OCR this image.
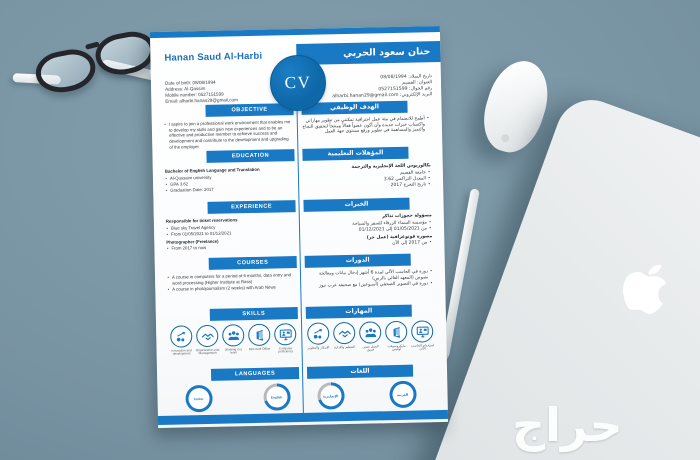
Hanan Saud Al-Harbi	حنان سعود الحربي
CV
Date of birth: 08/08/1994
Address: Al-Qassim
Mobile number: 0527151599
Email: alharbi.hanan29@gmail.com
تاريخ الميلاد: 08/08/1994
العنوان: القصيم
رقم الجوال: 0527151599
البريد الإلكتروني: alharbi.hanan29@gmail.com
OBJECTIVE	الهدف الوظيفي
EDUCATION	المؤهلات التعليمية
EXPERIENCE	الخبرات
COURSES	الدورات
SKILLS	المهارات
LANGUAGES	اللغات
• I aspire to join a professional work environment that enables me to develop my skills and gain new experiences and to be an effective and productive member to achieve success and development and contribute to the development and upgrading of the employer
• أطمح للانضمام في بيئة عمل احترافية تمكنني من تطوير مهاراتي واكتساب خبرات جديدة وأن أكون عضواً فعالاً ومنتجاً لتحقيق النجاح والتميز والمساهمة في تطوير ورفع مستوى جهة العمل
Bachelor of English Language and Translation
• Al-Qussaim university
• GPA 3.62
• Graduation Date: 2017
بكالوريوس اللغة الإنجليزية والترجمة
• جامعة القصيم
• المعدل التراكمي 3.62
• تاريخ التخرج 2017
Responsible for ticket reservations
• Blue sky Travel Agency
• From 01/05/2021 to 01/12/2021
Photographer (Freelance)
• From 2017 to now
مسؤولة حجوزات تذاكر
• مؤسسة السماء الزرقاء للسفر والسياحة
• من 01/05/2021 إلى 01/12/2021
مصورة فوتوغرافية (عمل حر)
• من 2017 إلى الآن
• A course in computers for a period of 6 months, data entry and word processing (Higher Institute at Rass)
• A course in photojournalism (2 weeks) with Arab News
• دورة في الحاسب الآلي لمدة 6 أشهر إدخال بيانات ومعالجة نصوص (المعهد العالي بالرس)
• دورة في التصوير الصحفي (أسبوعين) مع صحيفة عرب نيوز
Innovation and development
Organization and Management
Working in a team
Microsoft Office	Computer proficiency
الابتكار والتطوير التنظيم والإدارة	العمل ضمن فريق
مايكروسوفت أوفيس
استخدام الحاسب الآلي
Arabic	English	الإنجليزية	العربية
حراج
